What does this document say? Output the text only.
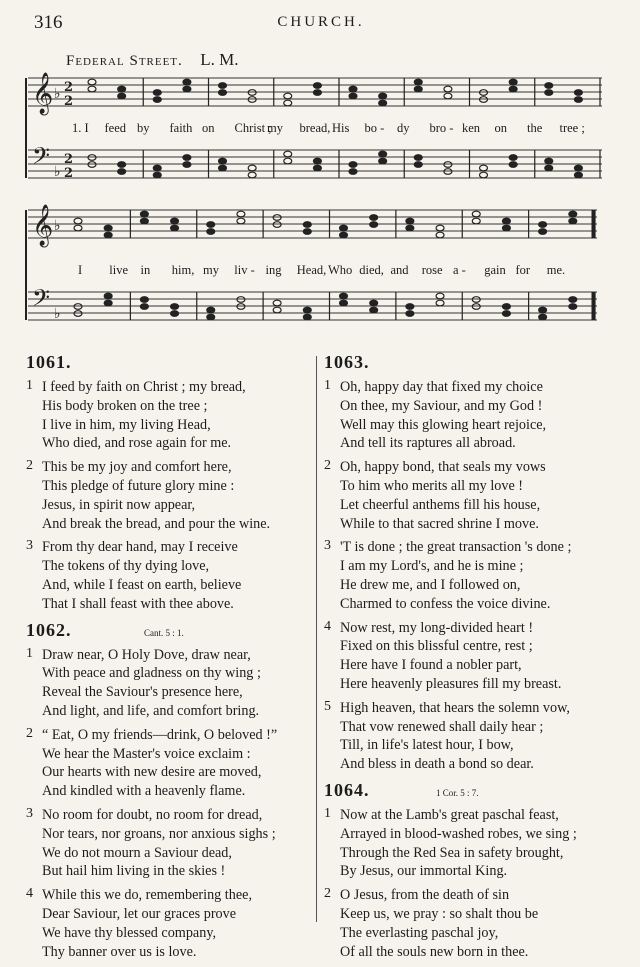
316	CHURCH.
Federal Street. L. M.
𝄞 ♭ 2
2
𝄢 ♭
2
2
𝄞 ♭
𝄢 ♭
1. I feed by faith on Christ ;
my bread, His bo - dy bro - ken on the tree ;
I live in him, my liv - ing Head, Who died, and rose a - gain for me.
1061.
1 I feed by faith on Christ ; my bread,
His body broken on the tree ;
I live in him, my living Head,
Who died, and rose again for me.
2 This be my joy and comfort here,
This pledge of future glory mine :
Jesus, in spirit now appear,
And break the bread, and pour the wine.
3 From thy dear hand, may I receive
The tokens of thy dying love,
And, while I feast on earth, believe
That I shall feast with thee above.
1062.	Cant. 5 : 1.
1 Draw near, O Holy Dove, draw near,
With peace and gladness on thy wing ;
Reveal the Saviour's presence here,
And light, and life, and comfort bring.
2 “ Eat, O my friends—drink, O beloved !”
We hear the Master's voice exclaim :
Our hearts with new desire are moved,
And kindled with a heavenly flame.
3 No room for doubt, no room for dread,
Nor tears, nor groans, nor anxious sighs ;
We do not mourn a Saviour dead,
But hail him living in the skies !
4 While this we do, remembering thee,
Dear Saviour, let our graces prove
We have thy blessed company,
Thy banner over us is love.
1063.
1 Oh, happy day that fixed my choice
On thee, my Saviour, and my God !
Well may this glowing heart rejoice,
And tell its raptures all abroad.
2 Oh, happy bond, that seals my vows
To him who merits all my love !
Let cheerful anthems fill his house,
While to that sacred shrine I move.
3 'T is done ; the great transaction 's done ;
I am my Lord's, and he is mine ;
He drew me, and I followed on,
Charmed to confess the voice divine.
4 Now rest, my long-divided heart !
Fixed on this blissful centre, rest ;
Here have I found a nobler part,
Here heavenly pleasures fill my breast.
5 High heaven, that hears the solemn vow,
That vow renewed shall daily hear ;
Till, in life's latest hour, I bow,
And bless in death a bond so dear.
1064.	1 Cor. 5 : 7.
1 Now at the Lamb's great paschal feast,
Arrayed in blood-washed robes, we sing ;
Through the Red Sea in safety brought,
By Jesus, our immortal King.
2 O Jesus, from the death of sin
Keep us, we pray : so shalt thou be
The everlasting paschal joy,
Of all the souls new born in thee.
